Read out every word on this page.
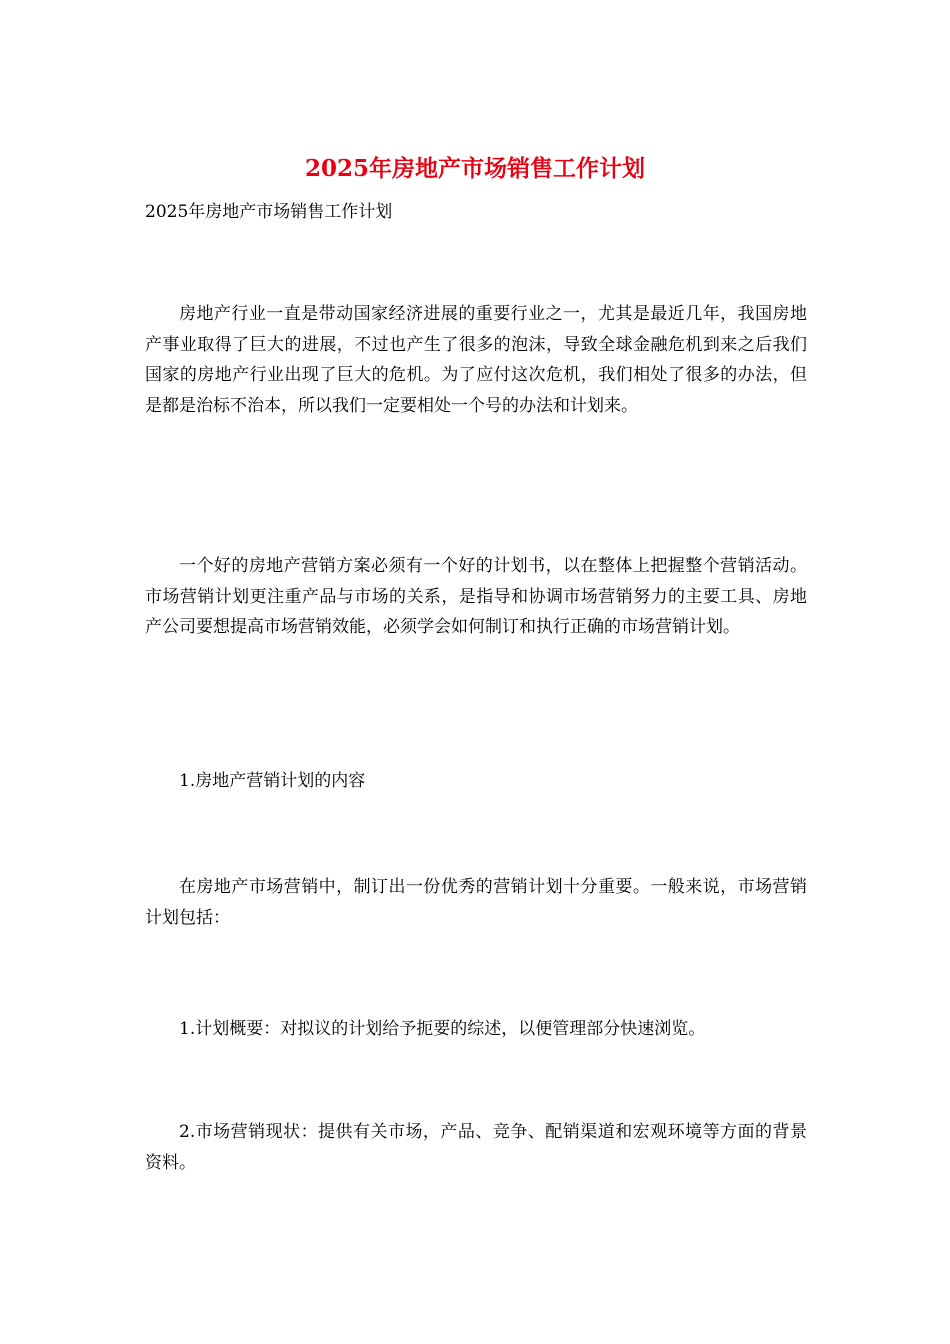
2025年房地产市场销售工作计划

2025年房地产市场销售工作计划

房地产行业一直是带动国家经济进展的重要行业之一，尤其是最近几年，我国房地产事业取得了巨大的进展，不过也产生了很多的泡沫，导致全球金融危机到来之后我们国家的房地产行业出现了巨大的危机。为了应付这次危机，我们相处了很多的办法，但是都是治标不治本，所以我们一定要相处一个号的办法和计划来。

一个好的房地产营销方案必须有一个好的计划书，以在整体上把握整个营销活动。市场营销计划更注重产品与市场的关系，是指导和协调市场营销努力的主要工具、房地产公司要想提高市场营销效能，必须学会如何制订和执行正确的市场营销计划。

1.房地产营销计划的内容

在房地产市场营销中，制订出一份优秀的营销计划十分重要。一般来说，市场营销计划包括：

1.计划概要：对拟议的计划给予扼要的综述，以便管理部分快速浏览。

2.市场营销现状：提供有关市场，产品、竞争、配销渠道和宏观环境等方面的背景资料。
